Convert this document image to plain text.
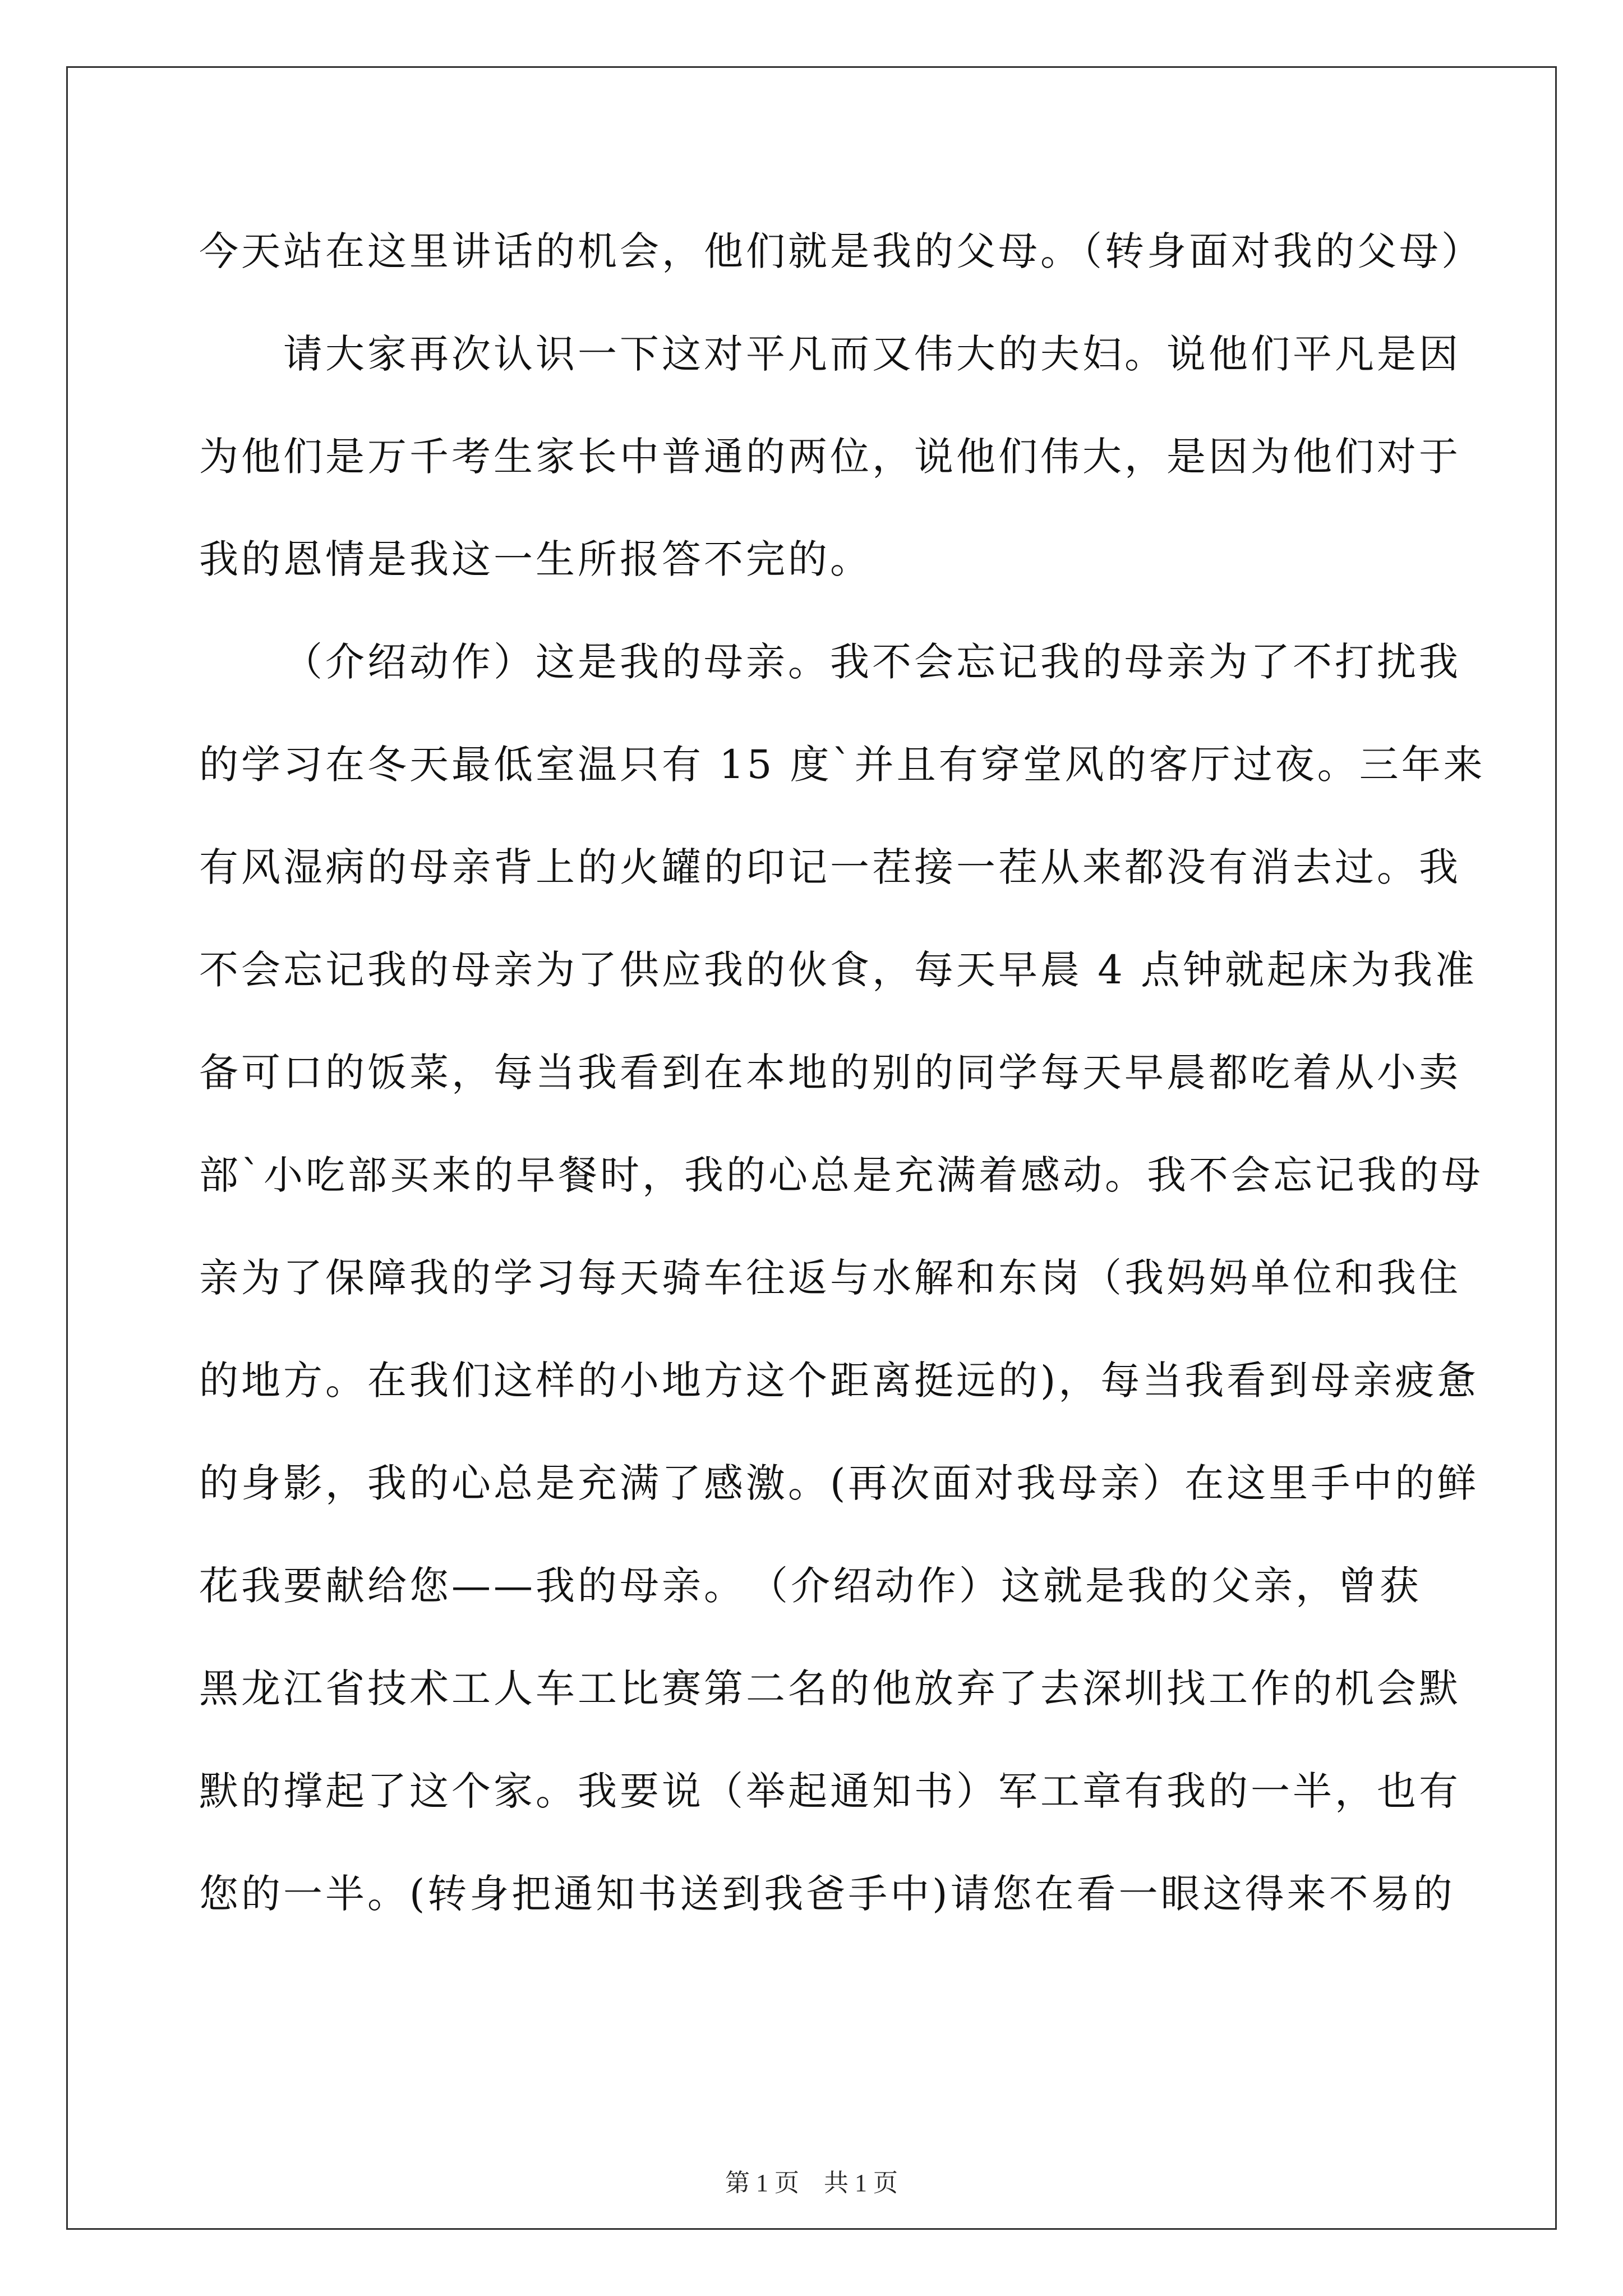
今天站在这里讲话的机会，他们就是我的父母。（转身面对我的父母）
请大家再次认识一下这对平凡而又伟大的夫妇。说他们平凡是因
为他们是万千考生家长中普通的两位，说他们伟大，是因为他们对于
我的恩情是我这一生所报答不完的。
（介绍动作）这是我的母亲。我不会忘记我的母亲为了不打扰我
的学习在冬天最低室温只有 15 度`并且有穿堂风的客厅过夜。三年来
有风湿病的母亲背上的火罐的印记一茬接一茬从来都没有消去过。我
不会忘记我的母亲为了供应我的伙食，每天早晨 4 点钟就起床为我准
备可口的饭菜，每当我看到在本地的别的同学每天早晨都吃着从小卖
部`小吃部买来的早餐时，我的心总是充满着感动。我不会忘记我的母
亲为了保障我的学习每天骑车往返与水解和东岗（我妈妈单位和我住
的地方。在我们这样的小地方这个距离挺远的)，每当我看到母亲疲惫
的身影，我的心总是充满了感激。(再次面对我母亲）在这里手中的鲜
花我要献给您——我的母亲。　（介绍动作）这就是我的父亲，曾获
黑龙江省技术工人车工比赛第二名的他放弃了去深圳找工作的机会默
默的撑起了这个家。我要说（举起通知书）军工章有我的一半，也有
您的一半。(转身把通知书送到我爸手中)请您在看一眼这得来不易的
第 1 页　共 1 页
